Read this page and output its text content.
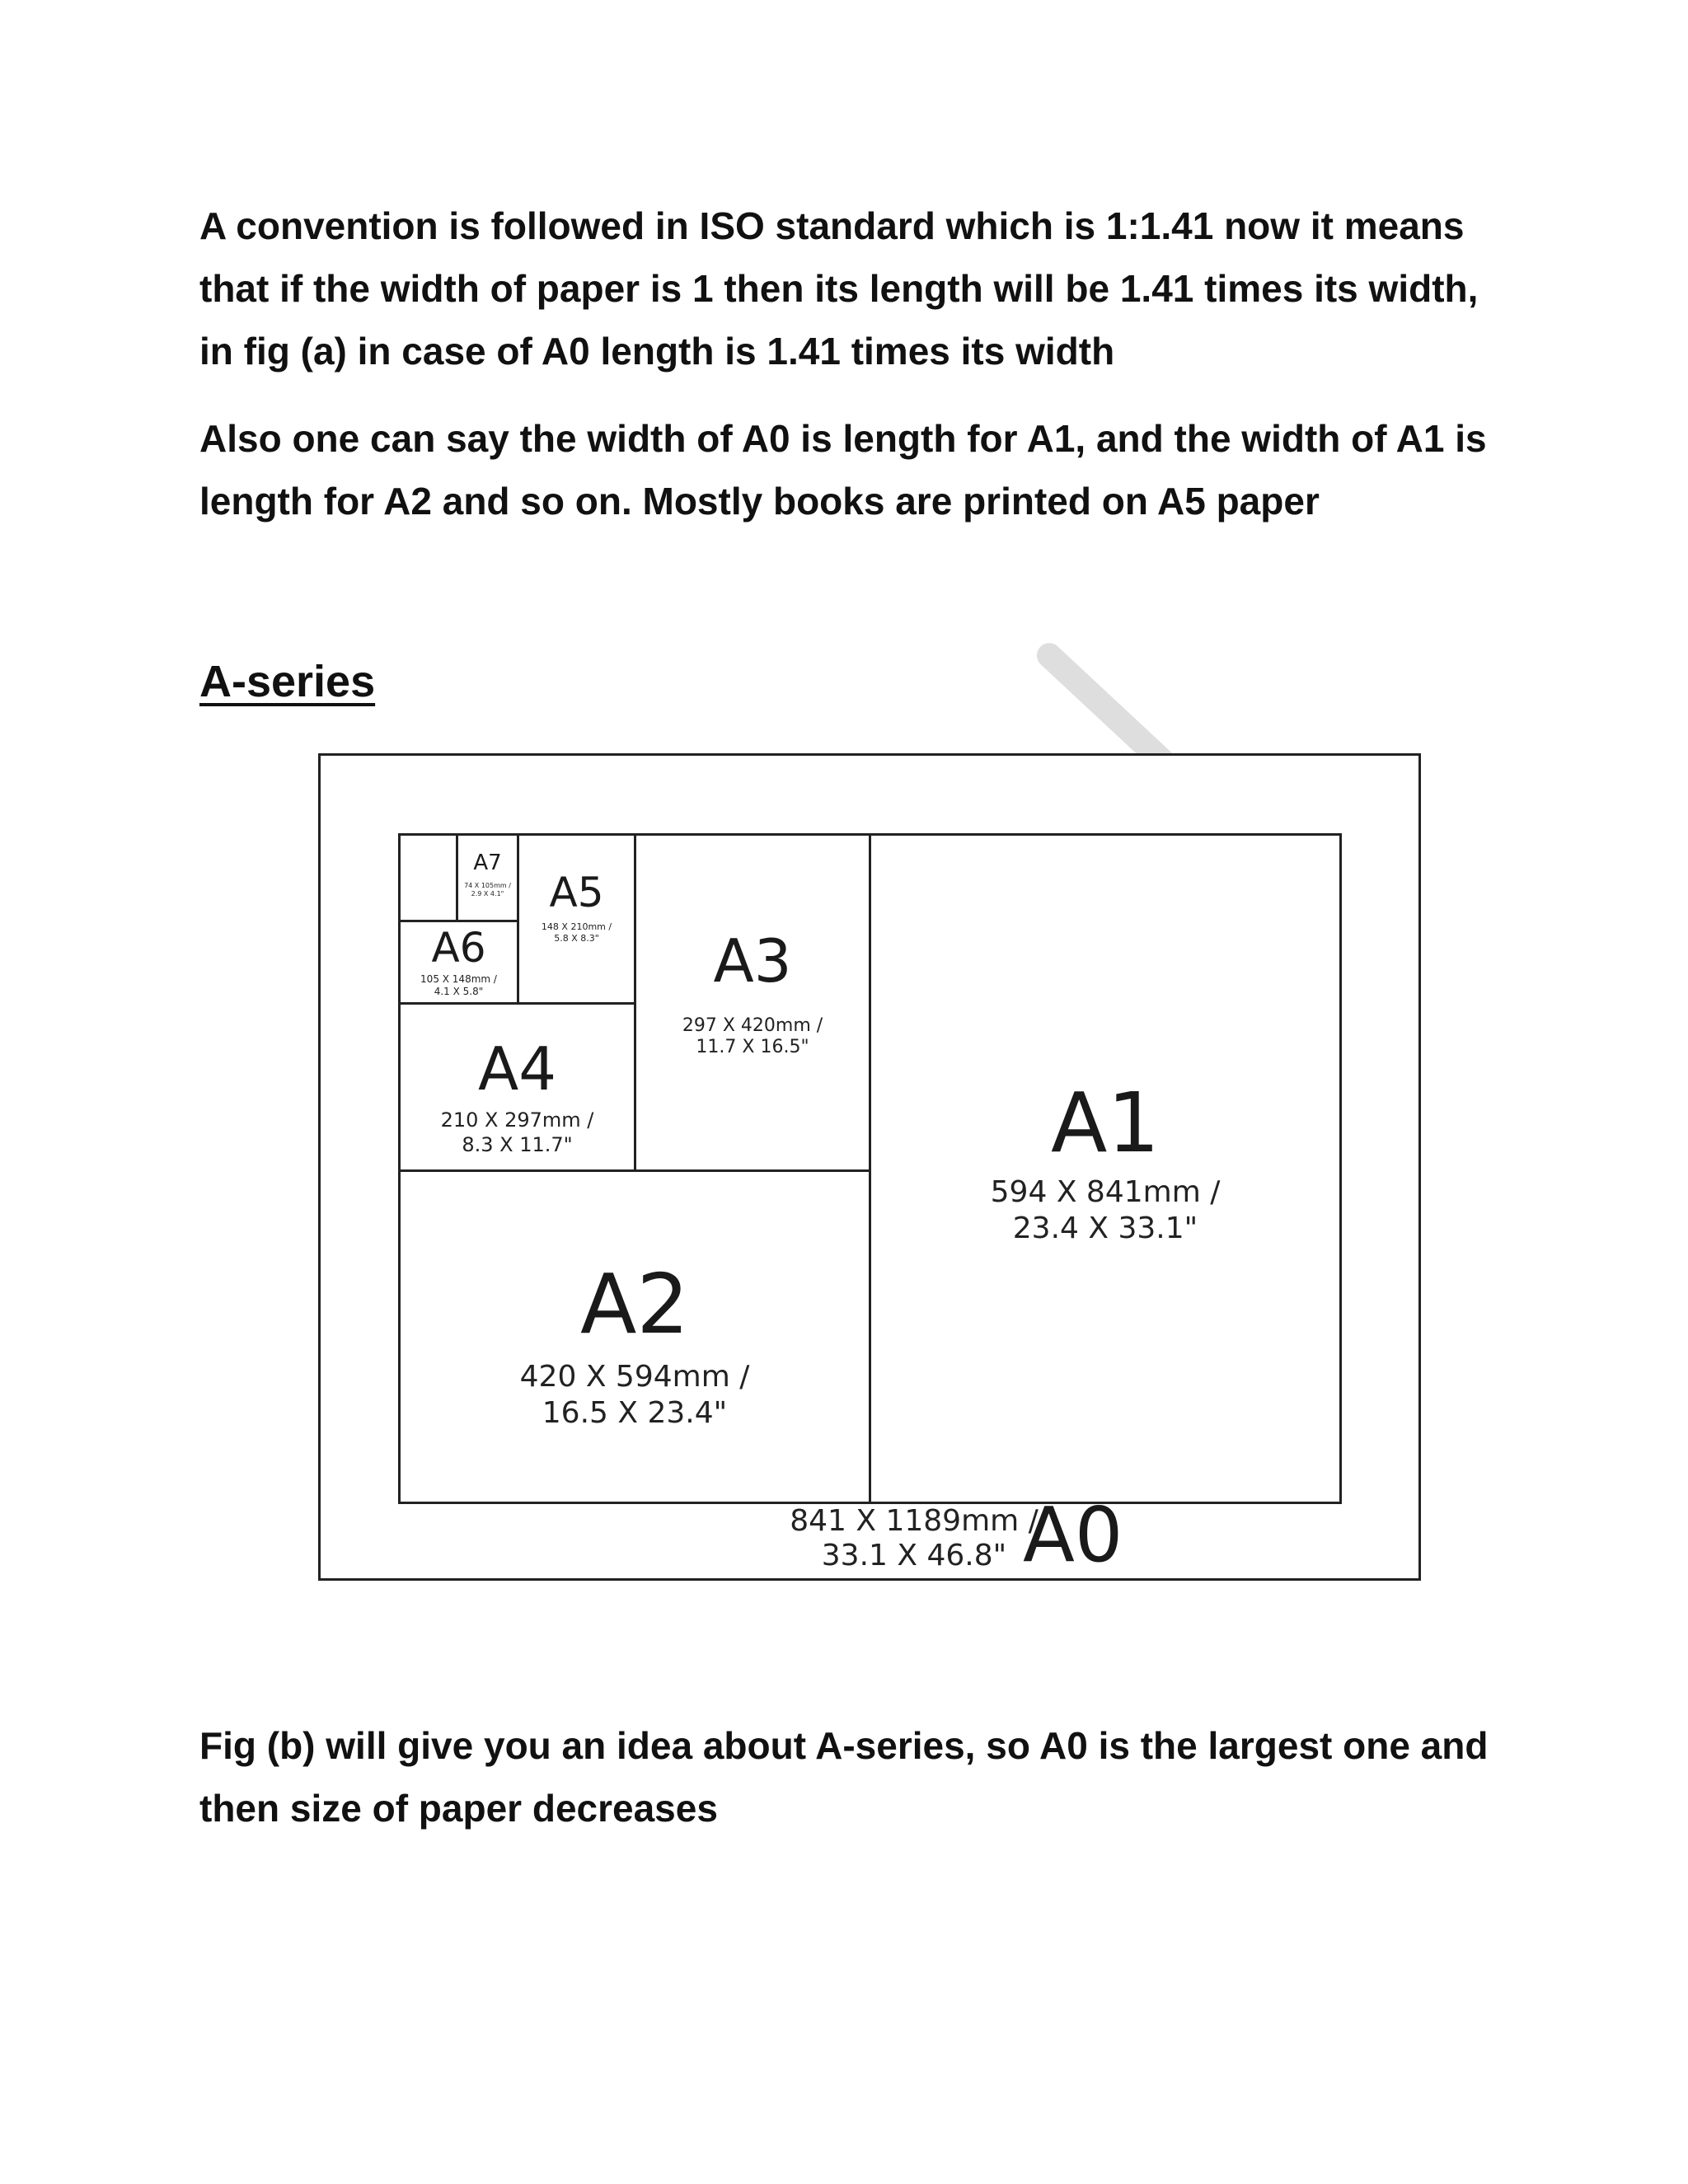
A convention is followed in ISO standard which is 1:1.41 now it means that if the width of paper is 1 then its length will be 1.41 times its width, in fig (a) in case of A0 length is 1.41 times its width

Also one can say the width of A0 is length for A1, and the width of A1 is length for A2 and so on. Mostly books are printed on A5 paper

A-series
841 X 1189mm /
33.1 X 46.8" A0
A1
594 X 841mm /
23.4 X 33.1"
A2
420 X 594mm /
16.5 X 23.4"
A3
297 X 420mm /
11.7 X 16.5"
A4
210 X 297mm /
8.3 X 11.7"
A5
148 X 210mm /
5.8 X 8.3"
A6
105 X 148mm /
4.1 X 5.8"
A7
74 X 105mm /
2.9 X 4.1"

Fig (b) will give you an idea about A-series, so A0 is the largest one and then size of paper decreases
